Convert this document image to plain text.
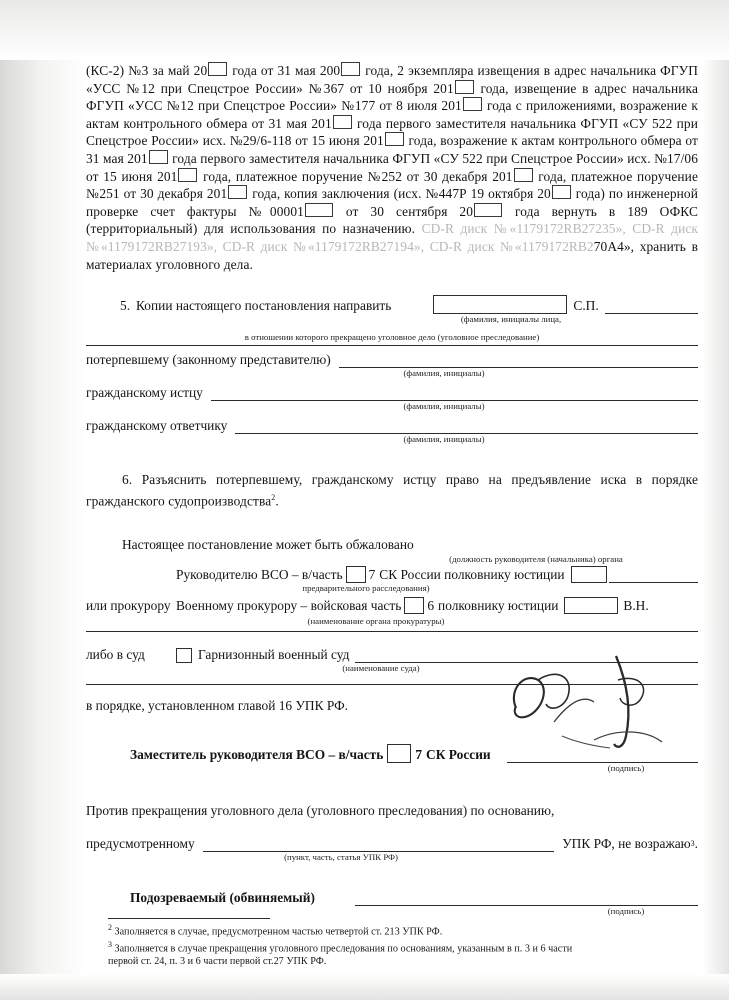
(КС-2) №3 за май 20 года от 31 мая 200 года, 2 экземпляра извещения в адрес начальника ФГУП «УСС №12 при Спецстрое России» №367 от 10 ноября 201 года, извещение в адрес начальника ФГУП «УСС №12 при Спецстрое России» №177 от 8 июля 201 года с приложениями, возражение к актам контрольного обмера от 31 мая 201 года первого заместителя начальника ФГУП «СУ 522 при Спецстрое России» исх. №29/6-118 от 15 июня 201 года, возражение к актам контрольного обмера от 31 мая 201 года первого заместителя начальника ФГУП «СУ 522 при Спецстрое России» исх. №17/06 от 15 июня 201 года, платежное поручение №252 от 30 декабря 201 года, платежное поручение №251 от 30 декабря 201 года, копия заключения (исх. №447Р 19 октября 20 года) по инженерной проверке счет фактуры №00001 от 30 сентября 20 года вернуть в 189 ОФКС (территориальный) для использования по назначению. CD-R диск №«1179172RB27235», CD-R диск №«1179172RB27193», CD-R диск №«1179172RB27194», CD-R диск №«1179172RB270A4», хранить в материалах уголовного дела.

5. Копии настоящего постановления направить	С.П.
(фамилия, инициалы лица,
в отношении которого прекращено уголовное дело (уголовное преследование)
потерпевшему (законному представителю)
(фамилия, инициалы)
гражданскому истцу
(фамилия, инициалы)
гражданскому ответчику
(фамилия, инициалы)

6. Разъяснить потерпевшему, гражданскому истцу право на предъявление иска в порядке гражданского судопроизводства$^2$.

Настоящее постановление может быть обжаловано
(должность руководителя (начальника) органа
Руководителю ВСО – в/часть 7 СК России полковнику юстиции
предварительного расследования)
или прокурору Военному прокурору – войсковая часть 6 полковнику юстиции	В.Н.
(наименование органа прокуратуры)
либо в суд	Гарнизонный военный суд
(наименование суда)
в порядке, установленном главой 16 УПК РФ.
Заместитель руководителя ВСО – в/часть 7 СК России
(подпись)
Против прекращения уголовного дела (уголовного преследования) по основанию,
предусмотренному	УПК РФ, не возражаю 3 .
(пункт, часть, статья УПК РФ)
Подозреваемый (обвиняемый)
(подпись)
$^2$ Заполняется в случае, предусмотренном частью четвертой ст. 213 УПК РФ.
$^3$ Заполняется в случае прекращения уголовного преследования по основаниям, указанным в п. 3 и 6 части первой ст. 24, п. 3 и 6 части первой ст.27 УПК РФ.
